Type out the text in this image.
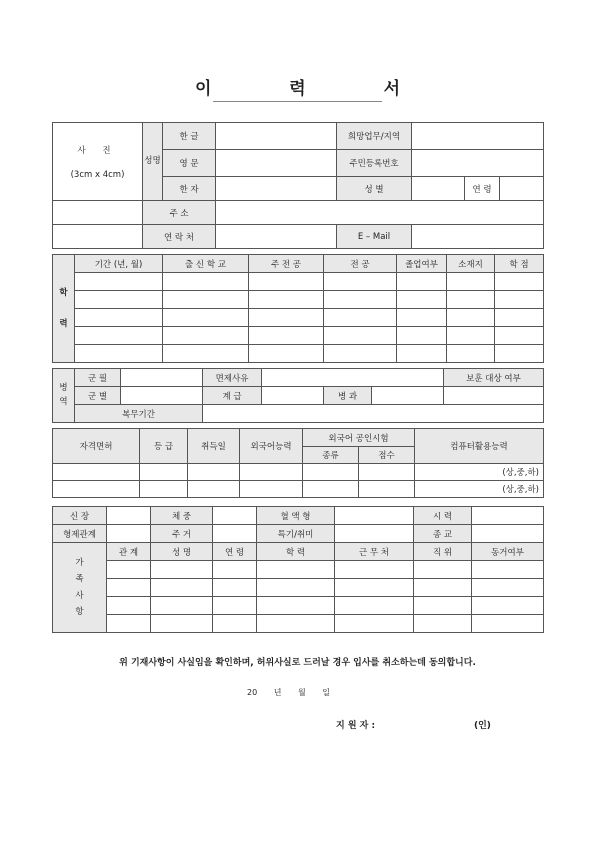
이 력 서
사 진
(3cm x 4cm)	성명	한 글		희망업무/지역			
		영 문		주민등록번호			
		한 자		성 별		연 령	
	주 소						
	연 락 처			E – Mail			
학력	기간 (년, 월)	출 신 학 교	주 전 공	전 공	졸업여부	소재지	학 점

병역	군 필		면제사유				보훈 대상 여부
	군 별		계 급		병 과		
	복무기간						
자격면허	등 급	취득일	외국어능력	외국어 공인시험		컴퓨터활용능력
				종류	점수	
						(상,중,하)
						(상,중,하)
신 장		체 중		혈 액 형		시 력	
형제관계		주 거		특기/취미		종 교	
가족사항	관 계	성 명	연 령	학 력	근 무 처	직 위	동거여부

위 기재사항이 사실임을 확인하며, 허위사실로 드러날 경우 입사를 취소하는데 동의합니다.
20 년 월 일
지 원 자 :	(인)
